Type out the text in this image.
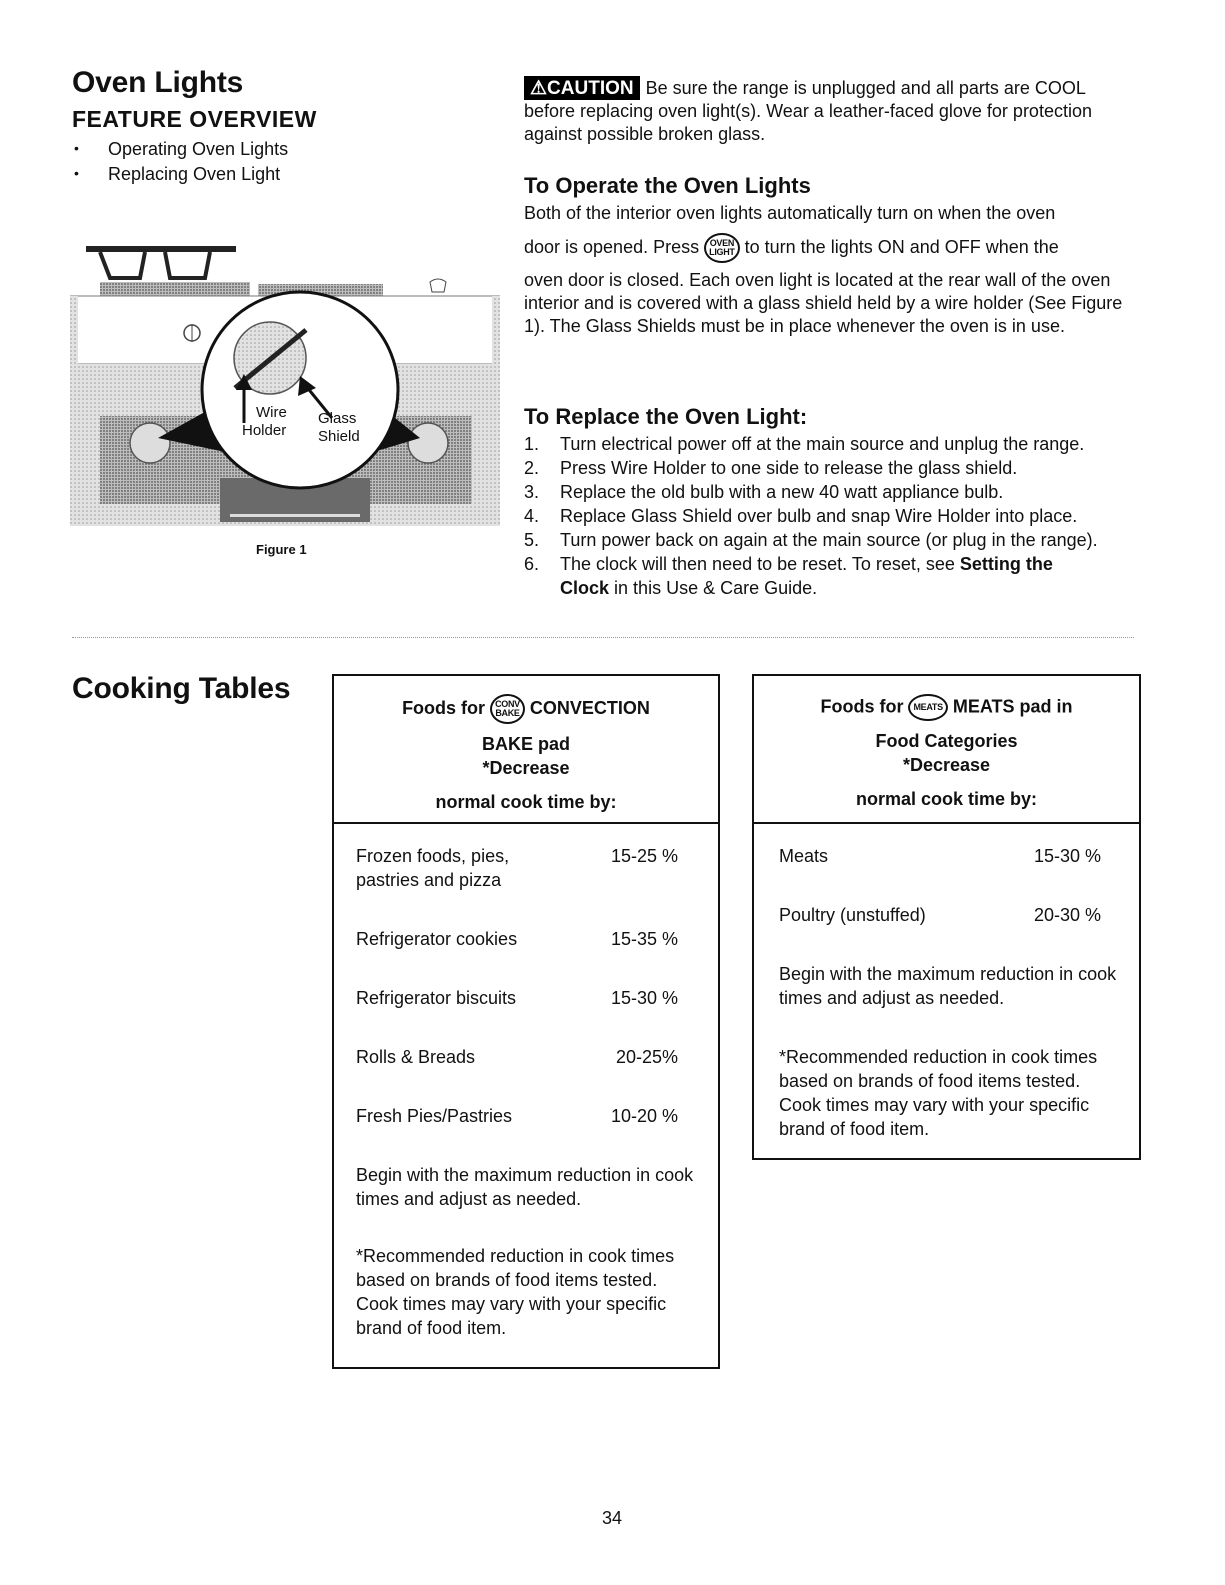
Oven Lights
FEATURE OVERVIEW
• Operating Oven Lights
• Replacing Oven Light
Wire
Holder
Glass
Shield
Figure 1
⚠CAUTION Be sure the range is unplugged and all parts are COOL
before replacing oven light(s). Wear a leather-faced glove for protection against possible broken glass.
To Operate the Oven Lights
Both of the interior oven lights automatically turn on when the oven
door is opened. Press OVEN
LIGHT to turn the lights ON and OFF when the
oven door is closed. Each oven light is located at the rear wall of the oven interior and is covered with a glass shield held by a wire holder (See Figure 1). The Glass Shields must be in place whenever the oven is in use.
To Replace the Oven Light:
1.	Turn electrical power off at the main source and unplug the range.
2.	Press Wire Holder to one side to release the glass shield.
3.	Replace the old bulb with a new 40 watt appliance bulb.
4.	Replace Glass Shield over bulb and snap Wire Holder into place.
5.	Turn power back on again at the main source (or plug in the range).
6.	The clock will then need to be reset. To reset, see Setting the
Clock in this Use & Care Guide.
Cooking Tables
Foods for CONV
BAKE CONVECTION
BAKE pad
*Decrease
normal cook time by:
Frozen foods, pies,
pastries and pizza
15-25 %
Refrigerator cookies	15-35 %
Refrigerator biscuits	15-30 %
Rolls & Breads	20-25%
Fresh Pies/Pastries	10-20 %
Begin with the maximum reduction in cook times and adjust as needed.
*Recommended reduction in cook times based on brands of food items tested. Cook times may vary with your specific brand of food item.
Foods for MEATS MEATS pad in
Food Categories
*Decrease
normal cook time by:
Meats	15-30 %
Poultry (unstuffed)	20-30 %
Begin with the maximum reduction in cook times and adjust as needed.
*Recommended reduction in cook times based on brands of food items tested. Cook times may vary with your specific brand of food item.
34
